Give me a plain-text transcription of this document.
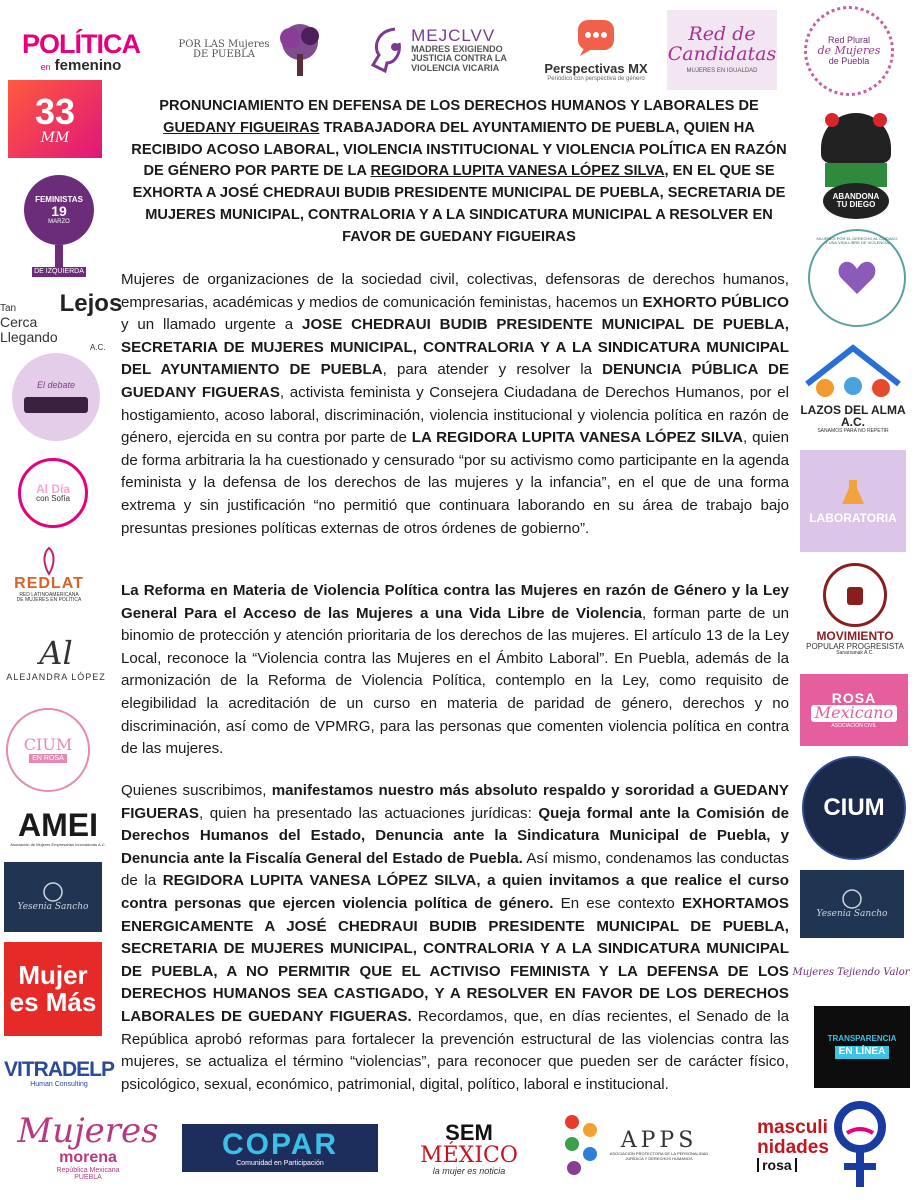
PRONUNCIAMIENTO EN DEFENSA DE LOS DERECHOS HUMANOS Y LABORALES DE GUEDANY FIGUEIRAS TRABAJADORA DEL AYUNTAMIENTO DE PUEBLA, QUIEN HA RECIBIDO ACOSO LABORAL, VIOLENCIA INSTITUCIONAL Y VIOLENCIA POLÍTICA EN RAZÓN DE GÉNERO POR PARTE DE LA REGIDORA LUPITA VANESA LÓPEZ SILVA, EN EL QUE SE EXHORTA A JOSÉ CHEDRAUI BUDIB PRESIDENTE MUNICIPAL DE PUEBLA, SECRETARIA DE MUJERES MUNICIPAL, CONTRALORIA Y A LA SINDICATURA MUNICIPAL A RESOLVER EN FAVOR DE GUEDANY FIGUEIRAS
Mujeres de organizaciones de la sociedad civil, colectivas, defensoras de derechos humanos, empresarias, académicas y medios de comunicación feministas, hacemos un EXHORTO PÚBLICO y un llamado urgente a JOSE CHEDRAUI BUDIB PRESIDENTE MUNICIPAL DE PUEBLA, SECRETARIA DE MUJERES MUNICIPAL, CONTRALORIA Y A LA SINDICATURA MUNICIPAL DEL AYUNTAMIENTO DE PUEBLA, para atender y resolver la DENUNCIA PÚBLICA DE GUEDANY FIGUERAS, activista feminista y Consejera Ciudadana de Derechos Humanos, por el hostigamiento, acoso laboral, discriminación, violencia institucional y violencia política en razón de género, ejercida en su contra por parte de LA REGIDORA LUPITA VANESA LÓPEZ SILVA, quien de forma arbitraria la ha cuestionado y censurado “por su activismo como participante en la agenda feminista y la defensa de los derechos de las mujeres y la infancia”, en el que de una forma extrema y sin justificación “no permitió que continuara laborando en su área de trabajo bajo presuntas presiones políticas externas de otros órdenes de gobierno”.
La Reforma en Materia de Violencia Política contra las Mujeres en razón de Género y la Ley General Para el Acceso de las Mujeres a una Vida Libre de Violencia, forman parte de un binomio de protección y atención prioritaria de los derechos de las mujeres. El artículo 13 de la Ley Local, reconoce la “Violencia contra las Mujeres en el Ámbito Laboral”. En Puebla, además de la armonización de la Reforma de Violencia Política, contemplo en la Ley, como requisito de elegibilidad la acreditación de un curso en materia de paridad de género, derechos y no discriminación, así como de VPMRG, para las personas que comenten violencia política en contra de las mujeres.
Quienes suscribimos, manifestamos nuestro más absoluto respaldo y sororidad a GUEDANY FIGUERAS, quien ha presentado las actuaciones jurídicas: Queja formal ante la Comisión de Derechos Humanos del Estado, Denuncia ante la Sindicatura Municipal de Puebla, y Denuncia ante la Fiscalía General del Estado de Puebla. Así mismo, condenamos las conductas de la REGIDORA LUPITA VANESA LÓPEZ SILVA, a quien invitamos a que realice el curso contra personas que ejercen violencia política de género. En ese contexto EXHORTAMOS ENERGICAMENTE A JOSÉ CHEDRAUI BUDIB PRESIDENTE MUNICIPAL DE PUEBLA, SECRETARIA DE MUJERES MUNICIPAL, CONTRALORIA Y A LA SINDICATURA MUNICIPAL DE PUEBLA, A NO PERMITIR QUE EL ACTIVISO FEMINISTA Y LA DEFENSA DE LOS DERECHOS HUMANOS SEA CASTIGADO, Y A RESOLVER EN FAVOR DE LOS DERECHOS LABORALES DE GUEDANY FIGUERAS. Recordamos, que, en días recientes, el Senado de la República aprobó reformas para fortalecer la prevención estructural de las violencias contra las mujeres, se actualiza el término “violencias”, para reconocer que pueden ser de carácter físico, psicológico, sexual, económico, patrimonial, digital, político, laboral e institucional.
POLÍTICA
en femenino
POR LAS Mujeres
DE PUEBLA
MEJCLVV
MADRES EXIGIENDO
JUSTICIA CONTRA LA
VIOLENCIA VICARIA	Perspectivas MX
Periódico con perspectiva de género
Red de
Candidatas
MUJERES EN IGUALDAD
Red Plural
de Mujeres
de Puebla
33
MM
FEMINISTAS
19
MARZO
DE IZQUIERDA
Tan
Cerca
Llegando
Lejos
A.C.
El debate
Al Día
con Sofía
REDLAT
RED LATINOAMERICANA
DE MUJERES EN POLÍTICA
Al
ALEJANDRA LÓPEZ
CIUM
EN ROSA
AMEI
Asociación de Mujeres Empresarias Innovadoras A.C.
Yesenia Sancho
Mujer
es Más
VITRADELP
Human Consulting
ABANDONA
TU DIEGO
MUJERES POR EL DERECHO AL CUIDADO Y UNA VIDA LIBRE DE VIOLENCIA
LAZOS DEL ALMA A.C.
SANAMOS PARA NO REPETIR
LABORATORIA
MOVIMIENTO
POPULAR PROGRESISTA
Sanarsanak A.C.
ROSA
Mexicano
ASOCIACIÓN CIVIL
CIUM
Yesenia Sancho
Mujeres Tejiendo Valor
TRANSPARENCIA
EN LÍNEA
Mujeres
morena
República Mexicana
PUEBLA
COPAR
Comunidad en Participación
SEM
MÉXICO
la mujer es noticia
APPS
ASOCIACIÓN PROTECTORA DE LA PERSONALIDAD JURÍDICA Y DERECHOS HUMANOS
masculi
nidades
rosa
